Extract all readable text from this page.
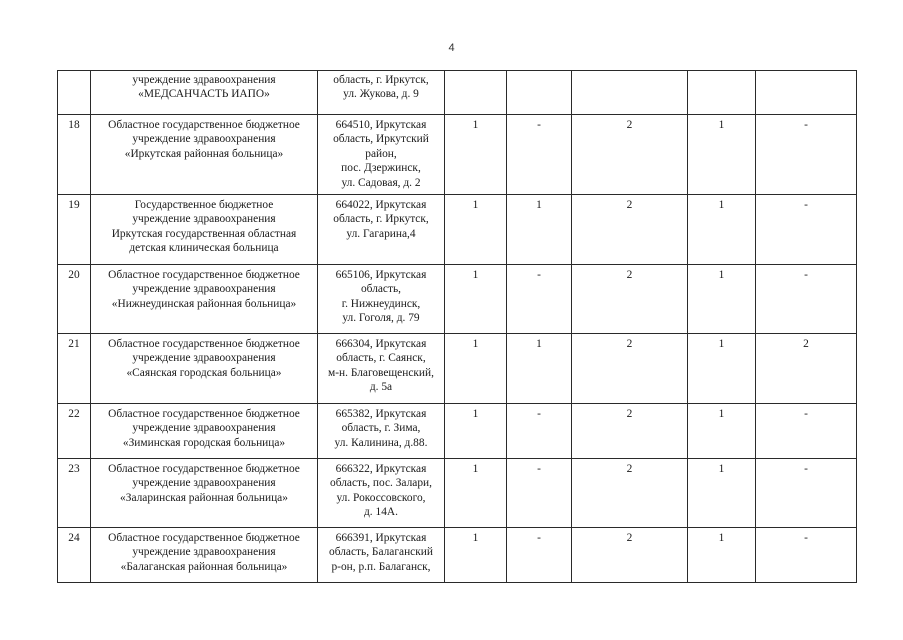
4

	учреждение здравоохранения
«МЕДСАНЧАСТЬ ИАПО»	область, г. Иркутск,
ул. Жукова, д. 9					

18	Областное государственное бюджетное
учреждение здравоохранения
«Иркутская районная больница»	664510, Иркутская
область, Иркутский
район,
пос. Дзержинск,
ул. Садовая, д. 2	1	-	2	1	-
19	Государственное бюджетное
учреждение здравоохранения
Иркутская государственная областная
детская клиническая больница	664022, Иркутская
область, г. Иркутск,
ул. Гагарина,4	1	1	2	1	-
20	Областное государственное бюджетное
учреждение здравоохранения
«Нижнеудинская районная больница»	665106, Иркутская
область,
г. Нижнеудинск,
ул. Гоголя, д. 79	1	-	2	1	-
21	Областное государственное бюджетное
учреждение здравоохранения
«Саянская городская больница»	666304, Иркутская
область, г. Саянск,
м-н. Благовещенский,
д. 5а	1	1	2	1	2
22	Областное государственное бюджетное
учреждение здравоохранения
«Зиминская городская больница»	665382, Иркутская
область, г. Зима,
ул. Калинина, д.88.	1	-	2	1	-
23	Областное государственное бюджетное
учреждение здравоохранения
«Заларинская районная больница»	666322, Иркутская
область, пос. Залари,
ул. Рокоссовского,
д. 14А.	1	-	2	1	-
24	Областное государственное бюджетное
учреждение здравоохранения
«Балаганская районная больница»	666391, Иркутская
область, Балаганский
р-он, р.п. Балаганск,	1	-	2	1	-
